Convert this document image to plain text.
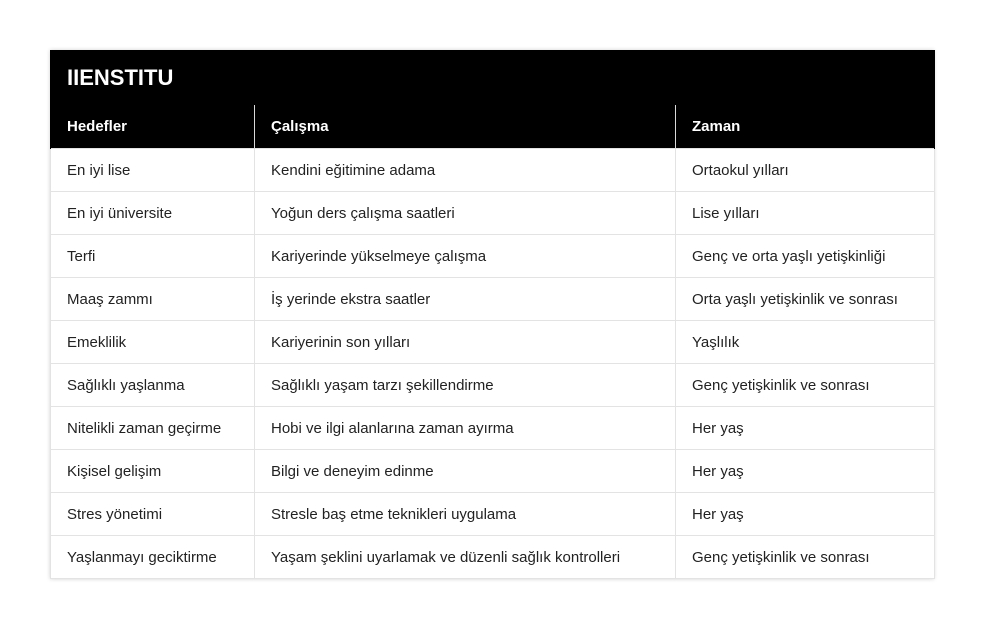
IIENSTITU		
Hedefler	Çalışma	Zaman
En iyi lise	Kendini eğitimine adama	Ortaokul yılları
En iyi üniversite	Yoğun ders çalışma saatleri	Lise yılları
Terfi	Kariyerinde yükselmeye çalışma	Genç ve orta yaşlı yetişkinliği
Maaş zammı	İş yerinde ekstra saatler	Orta yaşlı yetişkinlik ve sonrası
Emeklilik	Kariyerinin son yılları	Yaşlılık
Sağlıklı yaşlanma	Sağlıklı yaşam tarzı şekillendirme	Genç yetişkinlik ve sonrası
Nitelikli zaman geçirme	Hobi ve ilgi alanlarına zaman ayırma	Her yaş
Kişisel gelişim	Bilgi ve deneyim edinme	Her yaş
Stres yönetimi	Stresle baş etme teknikleri uygulama	Her yaş
Yaşlanmayı geciktirme	Yaşam şeklini uyarlamak ve düzenli sağlık kontrolleri	Genç yetişkinlik ve sonrası
